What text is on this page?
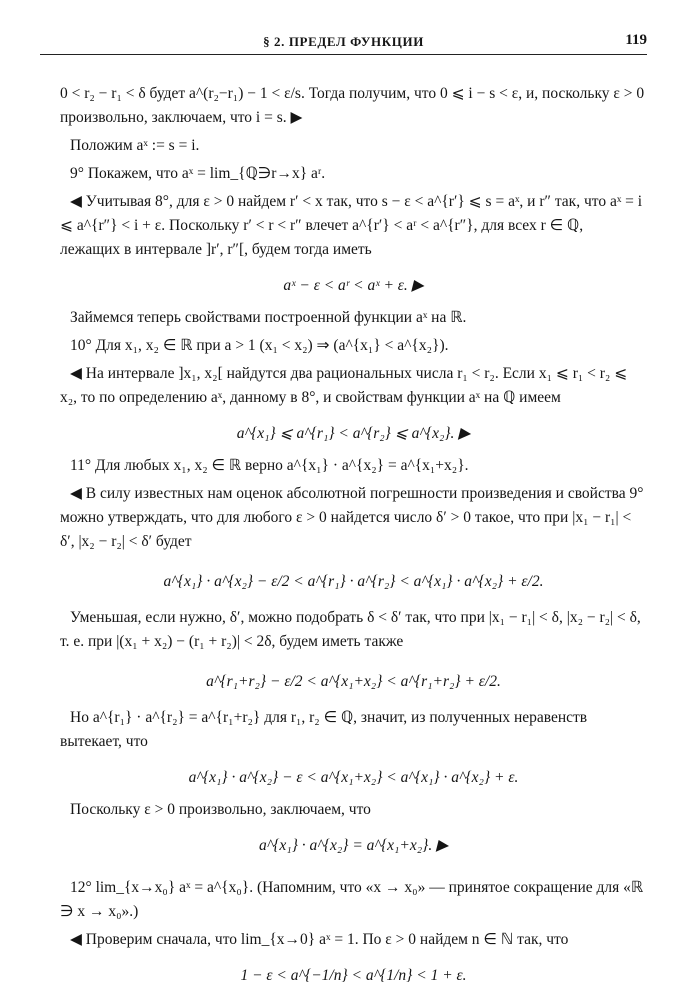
§ 2. ПРЕДЕЛ ФУНКЦИИ	119

0 < r₂ − r₁ < δ будет a^(r₂−r₁) − 1 < ε/s. Тогда получим, что 0 ⩽ i − s < ε, и, поскольку ε > 0 произвольно, заключаем, что i = s. ▶

Положим aˣ := s = i.

9° Покажем, что aˣ = lim_{ℚ∋r→x} aʳ.

◀ Учитывая 8°, для ε > 0 найдем r′ < x так, что s − ε < a^{r′} ⩽ s = aˣ, и r″ так, что aˣ = i ⩽ a^{r″} < i + ε. Поскольку r′ < r < r″ влечет a^{r′} < aʳ < a^{r″}, для всех r ∈ ℚ, лежащих в интервале ]r′, r″[, будем тогда иметь

aˣ − ε < aʳ < aˣ + ε. ▶

Займемся теперь свойствами построенной функции aˣ на ℝ.

10° Для x₁, x₂ ∈ ℝ при a > 1 (x₁ < x₂) ⇒ (a^{x₁} < a^{x₂}).

◀ На интервале ]x₁, x₂[ найдутся два рациональных числа r₁ < r₂. Если x₁ ⩽ r₁ < r₂ ⩽ x₂, то по определению aˣ, данному в 8°, и свойствам функции aˣ на ℚ имеем

a^{x₁} ⩽ a^{r₁} < a^{r₂} ⩽ a^{x₂}. ▶

11° Для любых x₁, x₂ ∈ ℝ верно a^{x₁} · a^{x₂} = a^{x₁+x₂}.

◀ В силу известных нам оценок абсолютной погрешности произведения и свойства 9° можно утверждать, что для любого ε > 0 найдется число δ′ > 0 такое, что при |x₁ − r₁| < δ′, |x₂ − r₂| < δ′ будет

a^{x₁} · a^{x₂} − ε/2 < a^{r₁} · a^{r₂} < a^{x₁} · a^{x₂} + ε/2.

Уменьшая, если нужно, δ′, можно подобрать δ < δ′ так, что при |x₁ − r₁| < δ, |x₂ − r₂| < δ, т. е. при |(x₁ + x₂) − (r₁ + r₂)| < 2δ, будем иметь также

a^{r₁+r₂} − ε/2 < a^{x₁+x₂} < a^{r₁+r₂} + ε/2.

Но a^{r₁} · a^{r₂} = a^{r₁+r₂} для r₁, r₂ ∈ ℚ, значит, из полученных неравенств вытекает, что

a^{x₁} · a^{x₂} − ε < a^{x₁+x₂} < a^{x₁} · a^{x₂} + ε.

Поскольку ε > 0 произвольно, заключаем, что

a^{x₁} · a^{x₂} = a^{x₁+x₂}. ▶

12° lim_{x→x₀} aˣ = a^{x₀}. (Напомним, что «x → x₀» — принятое сокращение для «ℝ ∋ x → x₀».)

◀ Проверим сначала, что lim_{x→0} aˣ = 1. По ε > 0 найдем n ∈ ℕ так, что

1 − ε < a^{−1/n} < a^{1/n} < 1 + ε.
